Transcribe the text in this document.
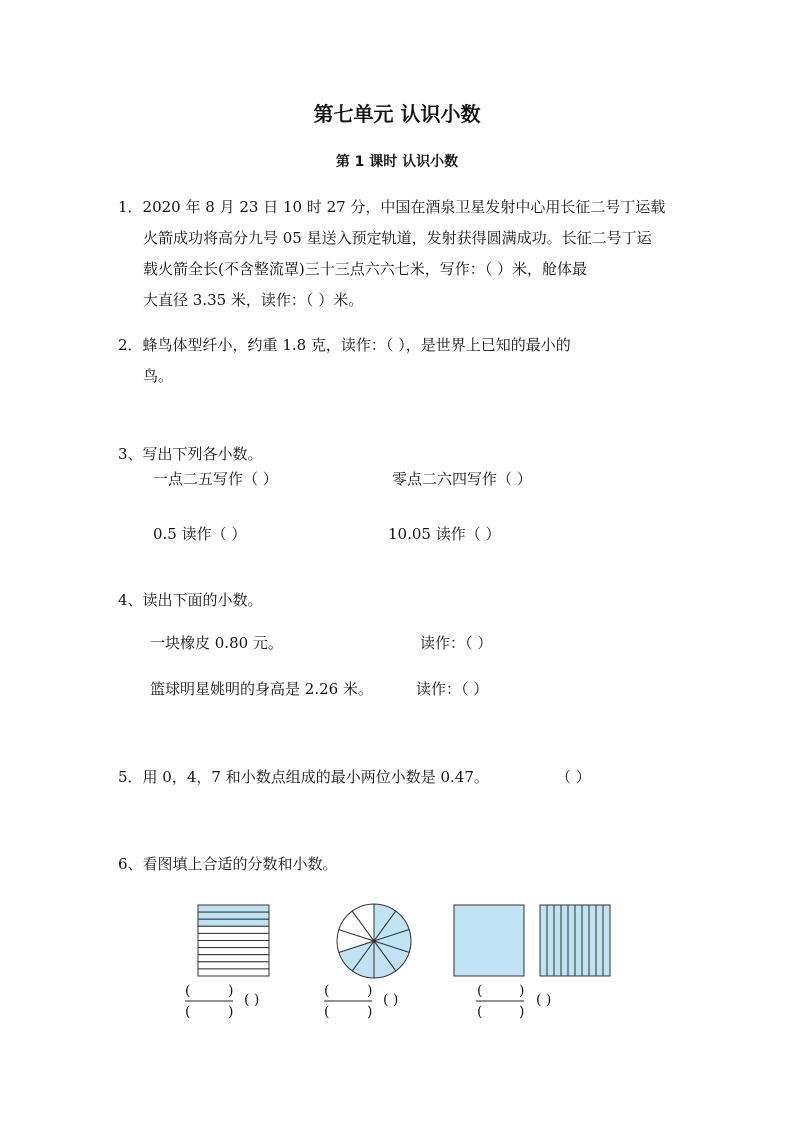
第七单元 认识小数
第 1 课时 认识小数
1．2020 年 8 月 23 日 10 时 27 分，中国在酒泉卫星发射中心用长征二号丁运载
火箭成功将高分九号 05 星送入预定轨道，发射获得圆满成功。长征二号丁运
载火箭全长(不含整流罩)三十三点六六七米，写作：（ ）米，舱体最
大直径 3.35 米，读作：（ ）米。
2．蜂鸟体型纤小，约重 1.8 克，读作：（ ），是世界上已知的最小的
鸟。
3、写出下列各小数。
一点二五写作（ ）	零点二六四写作（ ）
0.5 读作（ ）	10.05 读作（ ）
4、读出下面的小数。
一块橡皮 0.80 元。	读作：（ ）
篮球明星姚明的身高是 2.26 米。	读作：（ ）
5．用 0，4，7 和小数点组成的最小两位小数是 0.47。	（ ）
6、看图填上合适的分数和小数。
(	)
(	)
( )
(	)
(	)
( )
(	)
(	)
( )
